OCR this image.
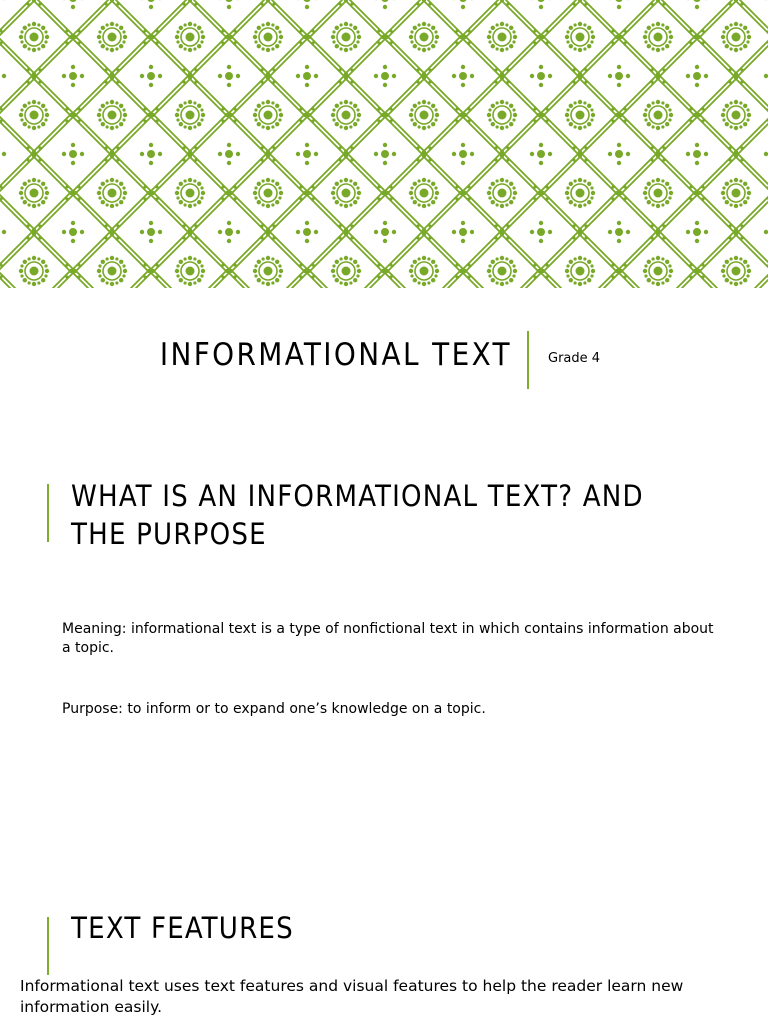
INFORMATIONAL TEXT	Grade 4
WHAT IS AN INFORMATIONAL TEXT? AND THE PURPOSE
Meaning: informational text is a type of nonfictional text in which contains information about a topic.
Purpose: to inform or to expand one’s knowledge on a topic.
TEXT FEATURES
Informational text uses text features and visual features to help the reader learn new information easily.
